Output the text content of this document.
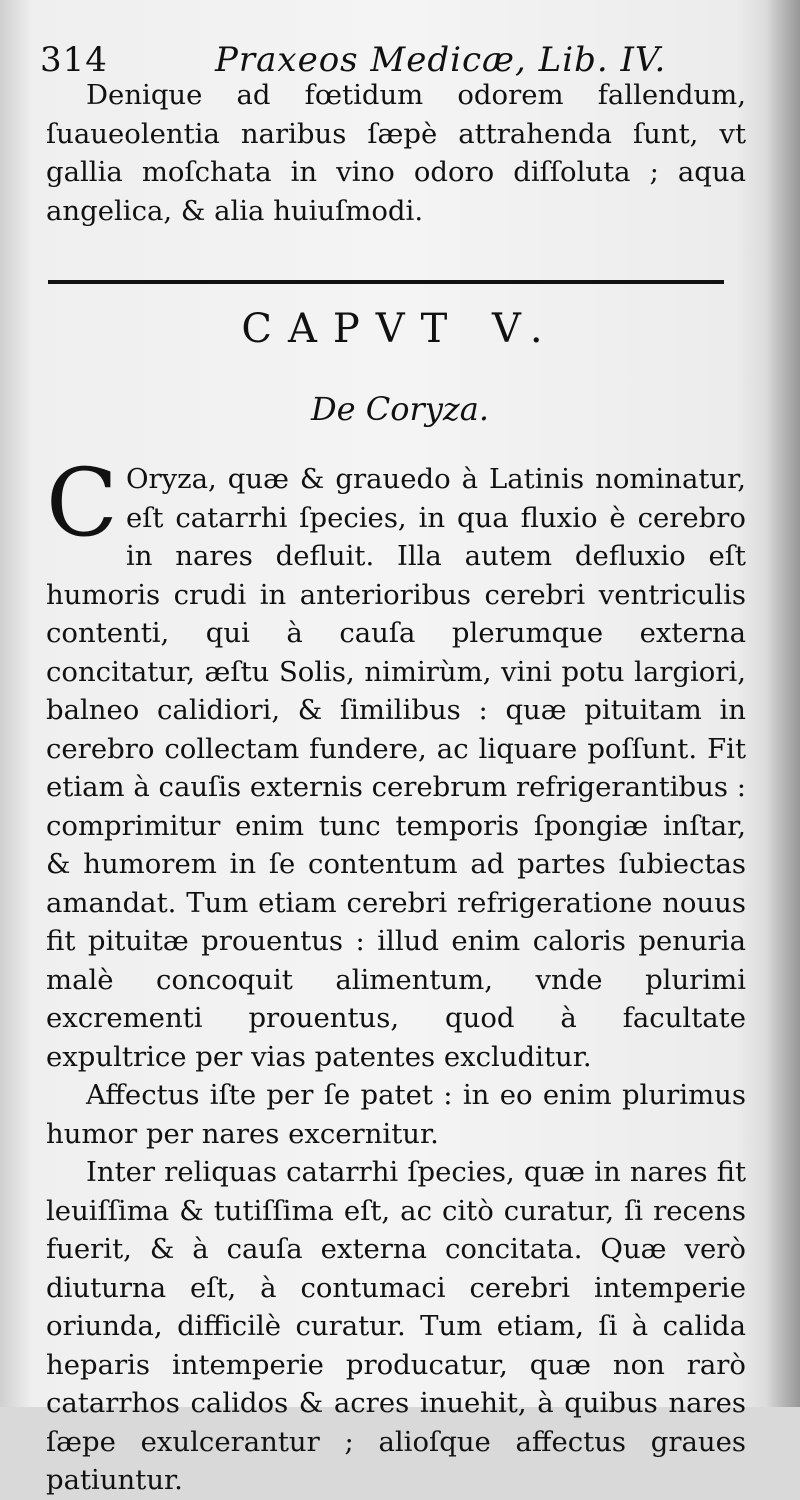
314	Praxeos Medicæ, Lib. IV.

Denique ad fœtidum odorem fallendum, ſuaueolentia naribus ſæpè attrahenda ſunt, vt gallia moſchata in vino odoro diſſoluta ; aqua angelica, & alia huiuſmodi.

CAPVT V.
De Coryza.

C Oryza, quæ & grauedo à Latinis nominatur, eſt catarrhi ſpecies, in qua fluxio è cerebro in nares defluit. Illa autem defluxio eſt humoris crudi in anterioribus cerebri ventriculis contenti, qui à cauſa plerumque externa concitatur, æſtu Solis, nimirùm, vini potu largiori, balneo calidiori, & ſimilibus : quæ pituitam in cerebro collectam fundere, ac liquare poſſunt. Fit etiam à cauſis externis cerebrum refrigerantibus : comprimitur enim tunc temporis ſpongiæ inſtar, & humorem in ſe contentum ad partes ſubiectas amandat. Tum etiam cerebri refrigeratione nouus fit pituitæ prouentus : illud enim caloris penuria malè concoquit alimentum, vnde plurimi excrementi prouentus, quod à facultate expultrice per vias patentes excluditur.

Affectus iſte per ſe patet : in eo enim plurimus humor per nares excernitur.

Inter reliquas catarrhi ſpecies, quæ in nares fit leuiſſima & tutiſſima eſt, ac citò curatur, ſi recens fuerit, & à cauſa externa concitata. Quæ verò diuturna eſt, à contumaci cerebri intemperie oriunda, difficilè curatur. Tum etiam, ſi à calida heparis intemperie producatur, quæ non rarò catarrhos calidos & acres inuehit, à quibus nares ſæpe exulcerantur ; alioſque affectus graues patiuntur.
